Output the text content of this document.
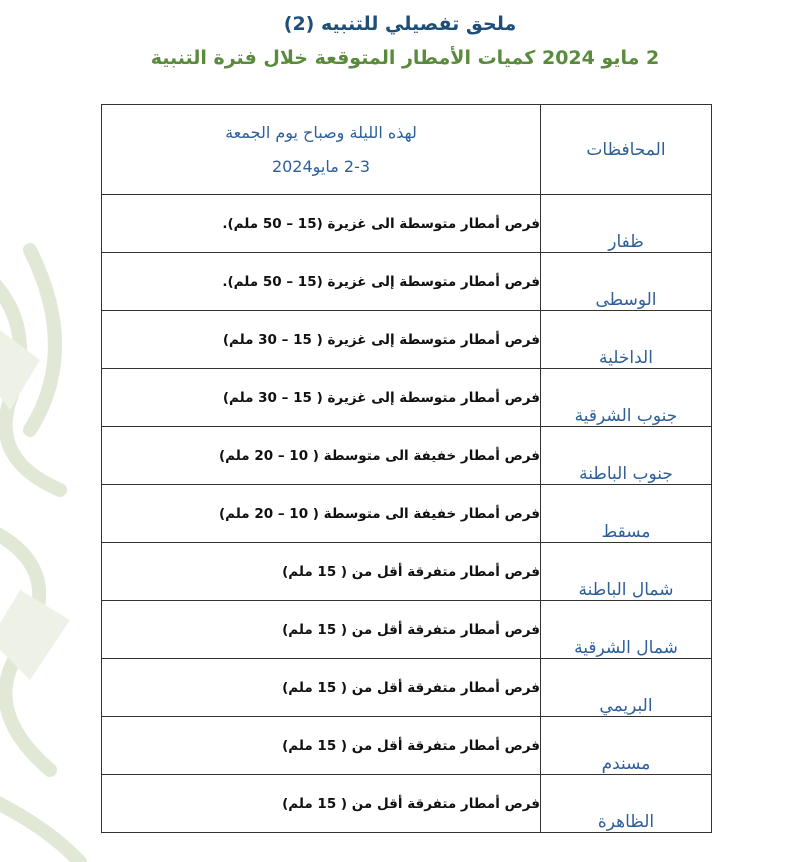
ملحق تفصيلي للتنبيه (2)
2 مايو 2024 كميات الأمطار المتوقعة خلال فترة التنبية
المحافظات	لهذه الليلة وصباح يوم الجمعة
2-3 مايو2024

ظفار	فرص أمطار متوسطة الى غزيرة (15 – 50 ملم).
الوسطى	فرص أمطار متوسطة إلى غزيرة (15 – 50 ملم).
الداخلية	فرص أمطار متوسطة إلى غزيرة ( 15 – 30 ملم)
جنوب الشرقية	فرص أمطار متوسطة إلى غزيرة ( 15 – 30 ملم)
جنوب الباطنة	فرص أمطار خفيفة الى متوسطة ( 10 – 20 ملم)
مسقط	فرص أمطار خفيفة الى متوسطة ( 10 – 20 ملم)
شمال الباطنة	فرص أمطار متفرقة أقل من ( 15 ملم)
شمال الشرقية	فرص أمطار متفرقة أقل من ( 15 ملم)
البريمي	فرص أمطار متفرقة أقل من ( 15 ملم)
مسندم	فرص أمطار متفرقة أقل من ( 15 ملم)
الظاهرة	فرص أمطار متفرقة أقل من ( 15 ملم)
